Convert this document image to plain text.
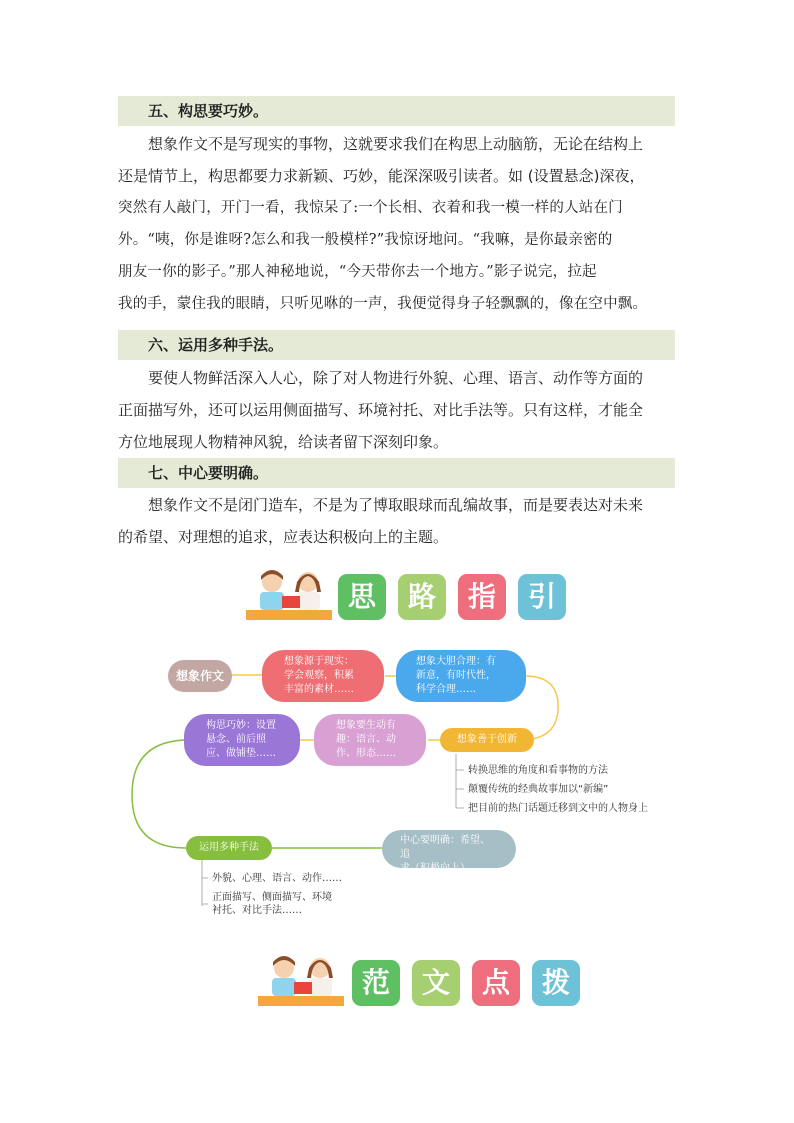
五、构思要巧妙。
想象作文不是写现实的事物，这就要求我们在构思上动脑筋，无论在结构上
还是情节上，构思都要力求新颖、巧妙，能深深吸引读者。如 (设置悬念)深夜，
突然有人敲门，开门一看，我惊呆了:一个长相、衣着和我一模一样的人站在门
外。“咦，你是谁呀?怎么和我一般模样?”我惊讶地问。“我嘛，是你最亲密的
朋友一你的影子。”那人神秘地说，“今天带你去一个地方。”影子说完，拉起
我的手，蒙住我的眼睛，只听见咻的一声，我便觉得身子轻飘飘的，像在空中飘。
六、运用多种手法。
要使人物鲜活深入人心，除了对人物进行外貌、心理、语言、动作等方面的
正面描写外，还可以运用侧面描写、环境衬托、对比手法等。只有这样，才能全
方位地展现人物精神风貌，给读者留下深刻印象。
七、中心要明确。
想象作文不是闭门造车，不是为了博取眼球而乱编故事，而是要表达对未来
的希望、对理想的追求，应表达积极向上的主题。
思	路	指	引
想象作文
想象源于现实：
学会观察，积累
丰富的素材……
想象大胆合理：有
新意，有时代性，
科学合理……
想象善于创新
转换思维的角度和看事物的方法
颠覆传统的经典故事加以“新编”
把目前的热门话题迁移到文中的人物身上
想象要生动有
趣：语言、动
作、形态……
构思巧妙：设置
悬念、前后照
应、做铺垫……
运用多种手法
外貌、心理、语言、动作……
正面描写、侧面描写、环境
衬托、对比手法……
中心要明确：希望、追
求（积极向上）……
范	文	点	拨
